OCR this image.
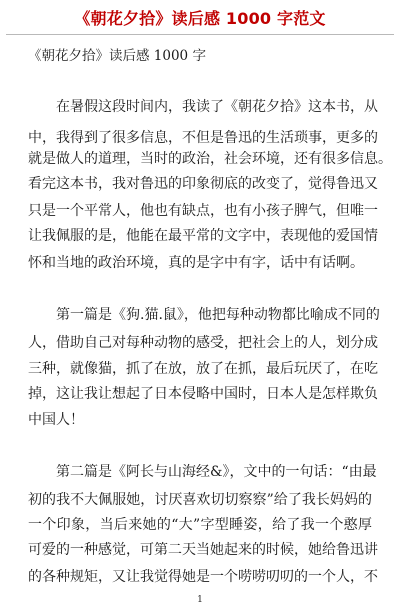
《朝花夕拾》读后感 1000 字范文
《朝花夕拾》读后感 1000 字
在暑假这段时间内，我读了《朝花夕拾》这本书，从
中，我得到了很多信息，不但是鲁迅的生活琐事，更多的
就是做人的道理，当时的政治，社会环境，还有很多信息。
看完这本书，我对鲁迅的印象彻底的改变了，觉得鲁迅又
只是一个平常人，他也有缺点，也有小孩子脾气，但唯一
让我佩服的是，他能在最平常的文字中，表现他的爱国情
怀和当地的政治环境，真的是字中有字，话中有话啊。
第一篇是《狗.猫.鼠》，他把每种动物都比喻成不同的
人，借助自己对每种动物的感受，把社会上的人，划分成
三种，就像猫，抓了在放，放了在抓，最后玩厌了，在吃
掉，这让我让想起了日本侵略中国时，日本人是怎样欺负
中国人！
第二篇是《阿长与山海经&》，文中的一句话：“由最
初的我不大佩服她，讨厌喜欢切切察察”给了我长妈妈的
一个印象，当后来她的“大”字型睡姿，给了我一个憨厚
可爱的一种感觉，可第二天当她起来的时候，她给鲁迅讲
的各种规矩，又让我觉得她是一个唠唠叨叨的一个人，不
1
